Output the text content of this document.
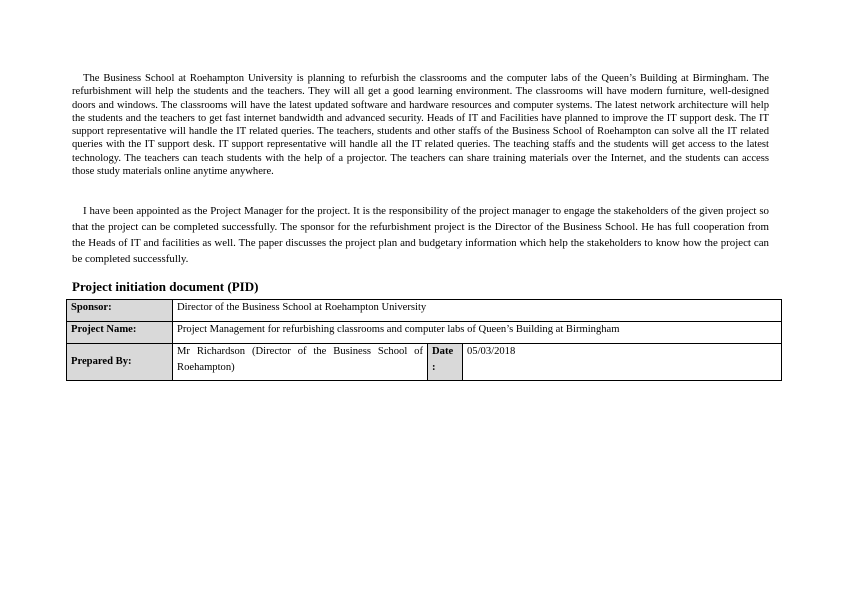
The Business School at Roehampton University is planning to refurbish the classrooms and the computer labs of the Queen’s Building at Birmingham. The refurbishment will help the students and the teachers. They will all get a good learning environment. The classrooms will have modern furniture, well-designed doors and windows. The classrooms will have the latest updated software and hardware resources and computer systems. The latest network architecture will help the students and the teachers to get fast internet bandwidth and advanced security. Heads of IT and Facilities have planned to improve the IT support desk. The IT support representative will handle the IT related queries. The teachers, students and other staffs of the Business School of Roehampton can solve all the IT related queries with the IT support desk. IT support representative will handle all the IT related queries. The teaching staffs and the students will get access to the latest technology. The teachers can teach students with the help of a projector. The teachers can share training materials over the Internet, and the students can access those study materials online anytime anywhere.

I have been appointed as the Project Manager for the project. It is the responsibility of the project manager to engage the stakeholders of the given project so that the project can be completed successfully. The sponsor for the refurbishment project is the Director of the Business School. He has full cooperation from the Heads of IT and facilities as well. The paper discusses the project plan and budgetary information which help the stakeholders to know how the project can be completed successfully.

Project initiation document (PID)
Sponsor:	Director of the Business School at Roehampton University		
Project Name:	Project Management for refurbishing classrooms and computer labs of Queen’s Building at Birmingham		
Prepared By:	Mr Richardson (Director of the Business School of Roehampton)	Date :	05/03/2018
